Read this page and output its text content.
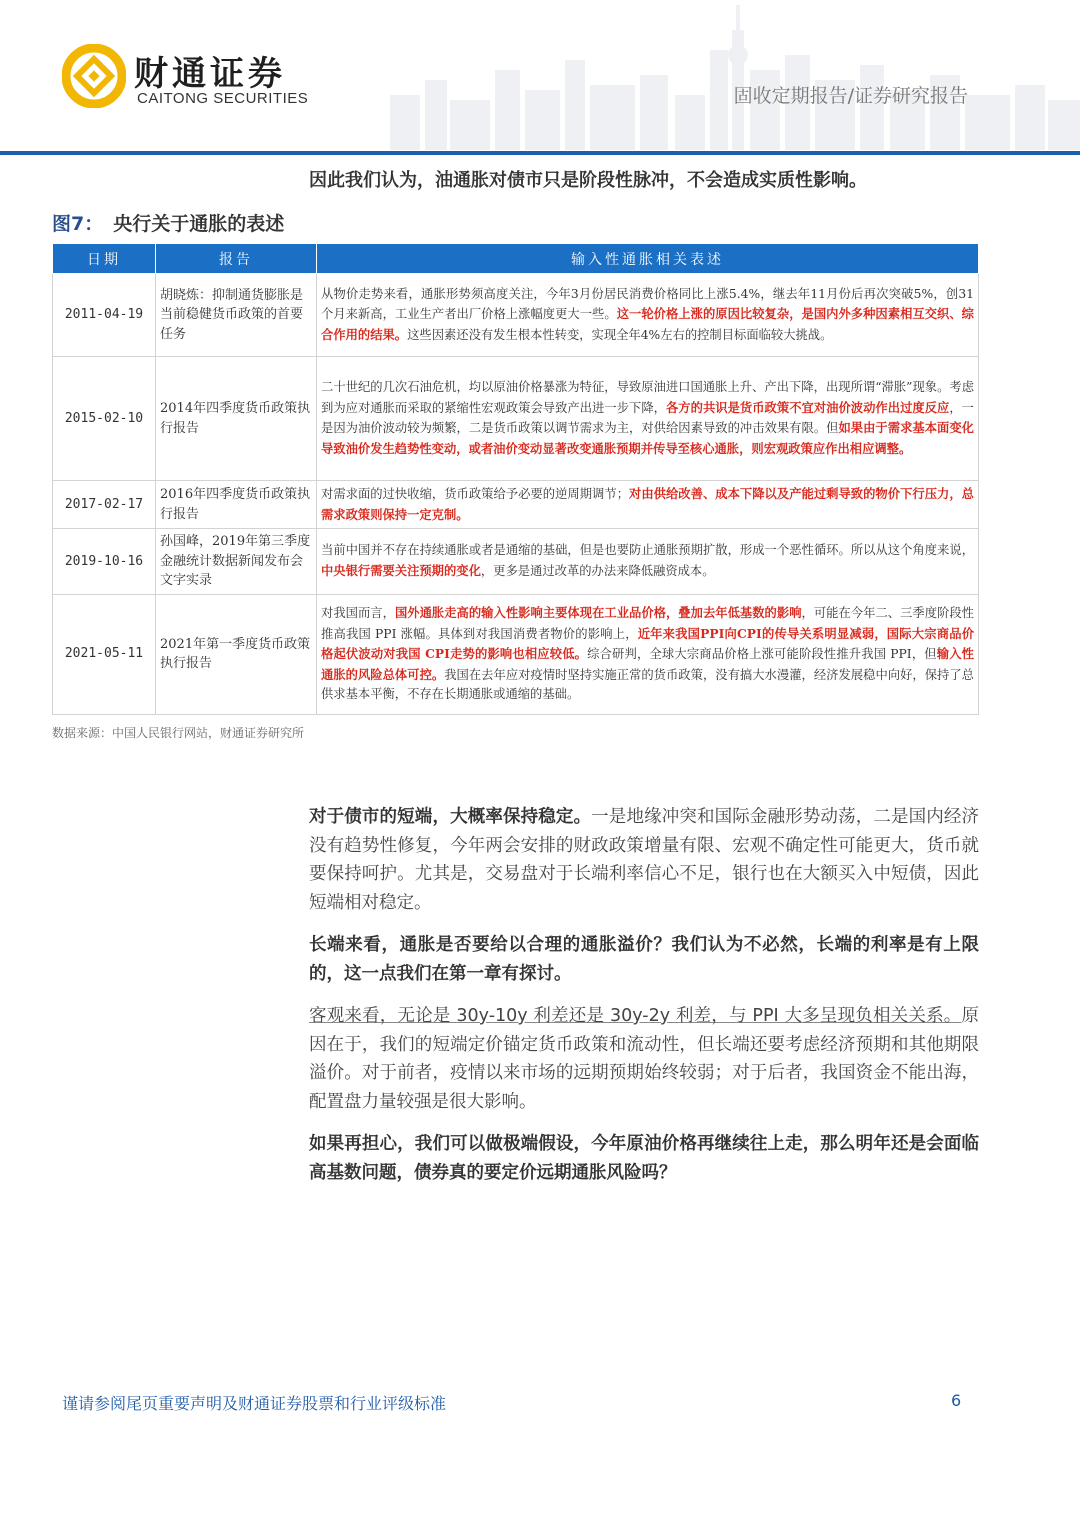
财通证券
CAITONG SECURITIES	固收定期报告/证券研究报告
因此我们认为，油通胀对债市只是阶段性脉冲，不会造成实质性影响。
图7： 央行关于通胀的表述
日期	报告	输入性通胀相关表述
2011-04-19	胡晓炼：抑制通货膨胀是当前稳健货币政策的首要任务	从物价走势来看，通胀形势须高度关注，今年3月份居民消费价格同比上涨5.4%，继去年11月份后再次突破5%，创31个月来新高，工业生产者出厂价格上涨幅度更大一些。这一轮价格上涨的原因比较复杂，是国内外多种因素相互交织、综合作用的结果。这些因素还没有发生根本性转变，实现全年4%左右的控制目标面临较大挑战。
2015-02-10	2014年四季度货币政策执行报告	二十世纪的几次石油危机，均以原油价格暴涨为特征，导致原油进口国通胀上升、产出下降，出现所谓“滞胀”现象。考虑到为应对通胀而采取的紧缩性宏观政策会导致产出进一步下降，各方的共识是货币政策不宜对油价波动作出过度反应，一是因为油价波动较为频繁，二是货币政策以调节需求为主，对供给因素导致的冲击效果有限。但如果由于需求基本面变化导致油价发生趋势性变动，或者油价变动显著改变通胀预期并传导至核心通胀，则宏观政策应作出相应调整。
2017-02-17	2016年四季度货币政策执行报告	对需求面的过快收缩，货币政策给予必要的逆周期调节；对由供给改善、成本下降以及产能过剩导致的物价下行压力，总需求政策则保持一定克制。
2019-10-16	孙国峰，2019年第三季度金融统计数据新闻发布会文字实录	当前中国并不存在持续通胀或者是通缩的基础，但是也要防止通胀预期扩散，形成一个恶性循环。所以从这个角度来说，中央银行需要关注预期的变化，更多是通过改革的办法来降低融资成本。
2021-05-11	2021年第一季度货币政策执行报告	对我国而言，国外通胀走高的输入性影响主要体现在工业品价格，叠加去年低基数的影响，可能在今年二、三季度阶段性推高我国 PPI 涨幅。具体到对我国消费者物价的影响上，近年来我国PPI向CPI的传导关系明显减弱，国际大宗商品价格起伏波动对我国 CPI走势的影响也相应较低。综合研判，全球大宗商品价格上涨可能阶段性推升我国 PPI，但输入性通胀的风险总体可控。我国在去年应对疫情时坚持实施正常的货币政策，没有搞大水漫灌，经济发展稳中向好，保持了总供求基本平衡，不存在长期通胀或通缩的基础。
数据来源：中国人民银行网站，财通证券研究所
对于债市的短端，大概率保持稳定。一是地缘冲突和国际金融形势动荡，二是国内经济没有趋势性修复，今年两会安排的财政政策增量有限、宏观不确定性可能更大，货币就要保持呵护。尤其是，交易盘对于长端利率信心不足，银行也在大额买入中短债，因此短端相对稳定。
长端来看，通胀是否要给以合理的通胀溢价？我们认为不必然，长端的利率是有上限的，这一点我们在第一章有探讨。
客观来看，无论是 30y-10y 利差还是 30y-2y 利差，与 PPI 大多呈现负相关关系。原因在于，我们的短端定价锚定货币政策和流动性，但长端还要考虑经济预期和其他期限溢价。对于前者，疫情以来市场的远期预期始终较弱；对于后者，我国资金不能出海，配置盘力量较强是很大影响。
如果再担心，我们可以做极端假设，今年原油价格再继续往上走，那么明年还是会面临高基数问题，债券真的要定价远期通胀风险吗？
谨请参阅尾页重要声明及财通证券股票和行业评级标准	6
